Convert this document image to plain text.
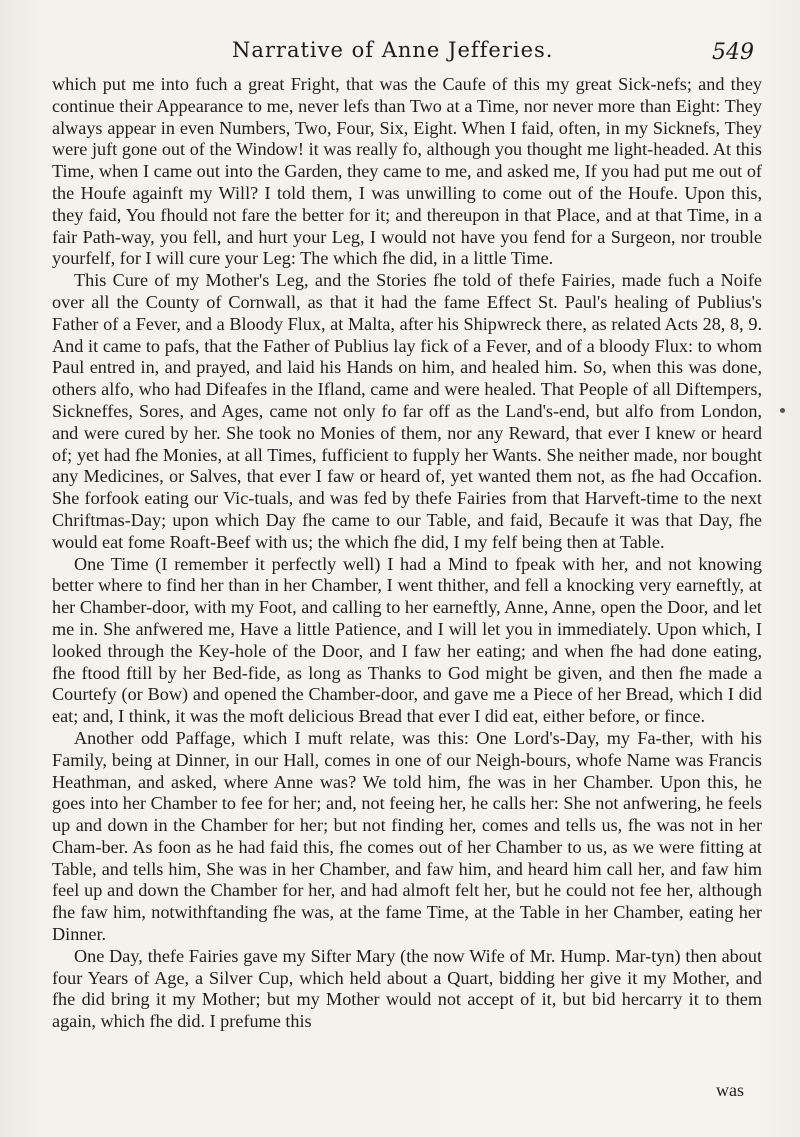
Narrative of Anne Jefferies.	549

which put me into fuch a great Fright, that was the Caufe of this my great Sick-nefs; and they continue their Appearance to me, never lefs than Two at a Time, nor never more than Eight: They always appear in even Numbers, Two, Four, Six, Eight. When I faid, often, in my Sicknefs, They were juft gone out of the Window! it was really fo, although you thought me light-headed. At this Time, when I came out into the Garden, they came to me, and asked me, If you had put me out of the Houfe againft my Will? I told them, I was unwilling to come out of the Houfe. Upon this, they faid, You fhould not fare the better for it; and thereupon in that Place, and at that Time, in a fair Path-way, you fell, and hurt your Leg, I would not have you fend for a Surgeon, nor trouble yourfelf, for I will cure your Leg: The which fhe did, in a little Time.

This Cure of my Mother's Leg, and the Stories fhe told of thefe Fairies, made fuch a Noife over all the County of Cornwall, as that it had the fame Effect St. Paul's healing of Publius's Father of a Fever, and a Bloody Flux, at Malta, after his Shipwreck there, as related Acts 28, 8, 9. And it came to pafs, that the Father of Publius lay fick of a Fever, and of a bloody Flux: to whom Paul entred in, and prayed, and laid his Hands on him, and healed him. So, when this was done, others alfo, who had Difeafes in the Ifland, came and were healed. That People of all Diftempers, Sickneffes, Sores, and Ages, came not only fo far off as the Land's-end, but alfo from London, and were cured by her. She took no Monies of them, nor any Reward, that ever I knew or heard of; yet had fhe Monies, at all Times, fufficient to fupply her Wants. She neither made, nor bought any Medicines, or Salves, that ever I faw or heard of, yet wanted them not, as fhe had Occafion. She forfook eating our Vic-tuals, and was fed by thefe Fairies from that Harveft-time to the next Chriftmas-Day; upon which Day fhe came to our Table, and faid, Becaufe it was that Day, fhe would eat fome Roaft-Beef with us; the which fhe did, I my felf being then at Table.

One Time (I remember it perfectly well) I had a Mind to fpeak with her, and not knowing better where to find her than in her Chamber, I went thither, and fell a knocking very earneftly, at her Chamber-door, with my Foot, and calling to her earneftly, Anne, Anne, open the Door, and let me in. She anfwered me, Have a little Patience, and I will let you in immediately. Upon which, I looked through the Key-hole of the Door, and I faw her eating; and when fhe had done eating, fhe ftood ftill by her Bed-fide, as long as Thanks to God might be given, and then fhe made a Courtefy (or Bow) and opened the Chamber-door, and gave me a Piece of her Bread, which I did eat; and, I think, it was the moft delicious Bread that ever I did eat, either before, or fince.

Another odd Paffage, which I muft relate, was this: One Lord's-Day, my Fa-ther, with his Family, being at Dinner, in our Hall, comes in one of our Neigh-bours, whofe Name was Francis Heathman, and asked, where Anne was? We told him, fhe was in her Chamber. Upon this, he goes into her Chamber to fee for her; and, not feeing her, he calls her: She not anfwering, he feels up and down in the Chamber for her; but not finding her, comes and tells us, fhe was not in her Cham-ber. As foon as he had faid this, fhe comes out of her Chamber to us, as we were fitting at Table, and tells him, She was in her Chamber, and faw him, and heard him call her, and faw him feel up and down the Chamber for her, and had almoft felt her, but he could not fee her, although fhe faw him, notwithftanding fhe was, at the fame Time, at the Table in her Chamber, eating her Dinner.

One Day, thefe Fairies gave my Sifter Mary (the now Wife of Mr. Hump. Mar-tyn) then about four Years of Age, a Silver Cup, which held about a Quart, bidding her give it my Mother, and fhe did bring it my Mother; but my Mother would not accept of it, but bid hercarry it to them again, which fhe did. I prefume this

was
